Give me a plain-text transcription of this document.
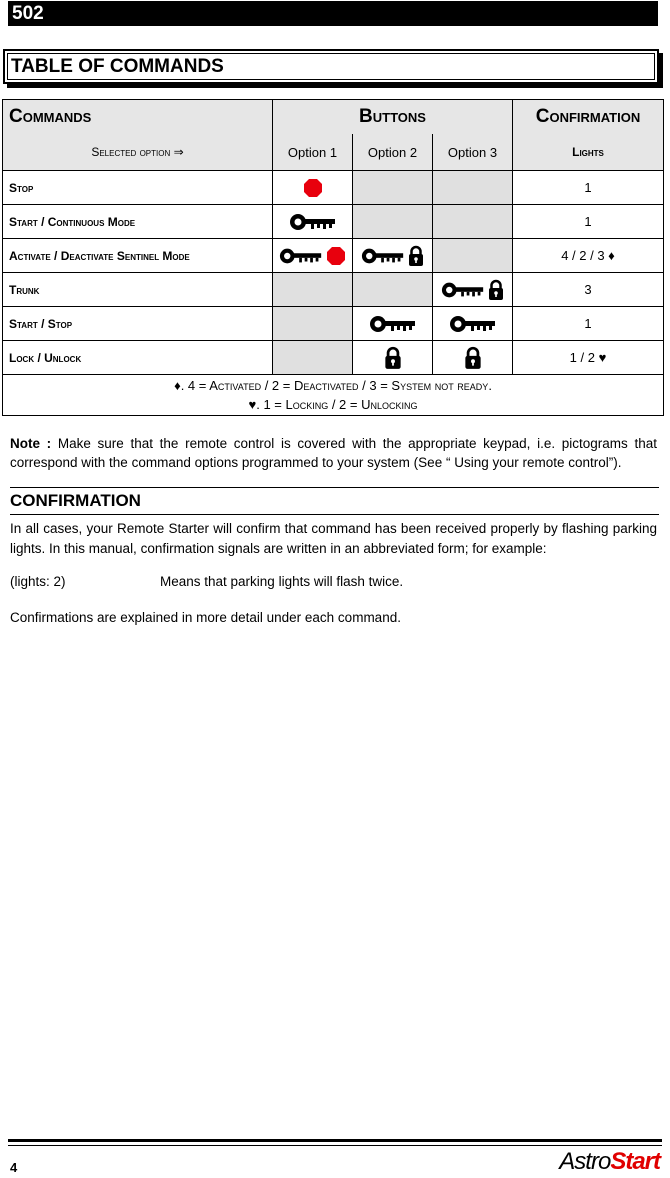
502
TABLE OF COMMANDS
Commands	Buttons			Confirmation
Selected option ⇒	Option 1	Option 2	Option 3	Lights
Stop				1
Start / Continuous Mode				1
Activate / Deactivate Sentinel Mode				4 / 2 / 3 ♦
Trunk				3
Start / Stop				1
Lock / Unlock				1 / 2 ♥

♦. 4 = Activated / 2 = Deactivated / 3 = System not ready.
♥. 1 = Locking / 2 = Unlocking				
Note : Make sure that the remote control is covered with the appropriate keypad, i.e. pictograms that correspond with the command options programmed to your system (See “ Using your remote control”).
CONFIRMATION
In all cases, your Remote Starter will confirm that command has been received properly by flashing parking lights. In this manual, confirmation signals are written in an abbreviated form; for example:
(lights: 2)	Means that parking lights will flash twice.
Confirmations are explained in more detail under each command.
4	AstroStart
